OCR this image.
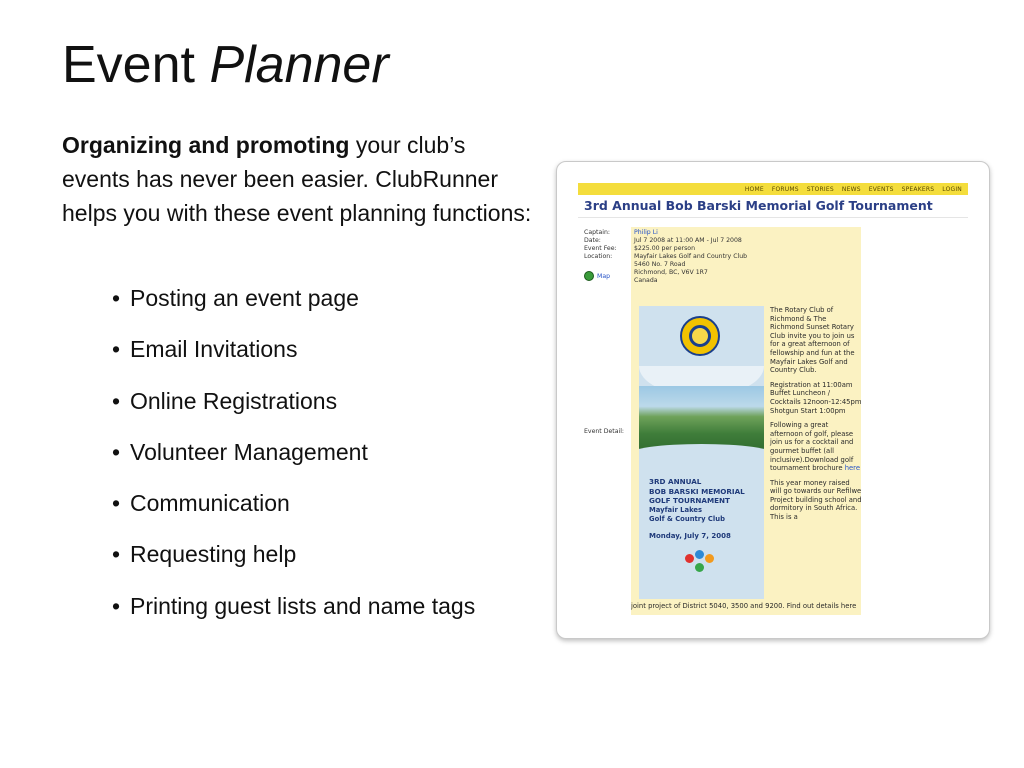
Event Planner

Organizing and promoting your club’s events has never been easier. ClubRunner helps you with these event planning functions:

• Posting an event page
• Email Invitations
• Online Registrations
• Volunteer Management
• Communication
• Requesting help
• Printing guest lists and name tags
HOME FORUMS STORIES NEWS EVENTS SPEAKERS LOGIN
3rd Annual Bob Barski Memorial Golf Tournament
Captain:	Philip Li
Date:	Jul 7 2008 at 11:00 AM - Jul 7 2008
Event Fee:	$225.00 per person
Location:	Mayfair Lakes Golf and Country Club
5460 No. 7 Road
Richmond, BC, V6V 1R7
Canada
Map
3RD ANNUAL
BOB BARSKI MEMORIAL
GOLF TOURNAMENT
Mayfair Lakes
Golf & Country Club
Monday, July 7, 2008
Event Detail:

The Rotary Club of Richmond & The Richmond Sunset Rotary Club invite you to join us for a great afternoon of fellowship and fun at the Mayfair Lakes Golf and Country Club.

Registration at 11:00am
Buffet Luncheon / Cocktails 12noon-12:45pm
Shotgun Start 1:00pm

Following a great afternoon of golf, please join us for a cocktail and gourmet buffet (all inclusive).Download golf tournament brochure here

This year money raised will go towards our Refilwe Project building school and dormitory in South Africa. This is a

joint project of District 5040, 3500 and 9200. Find out details here
